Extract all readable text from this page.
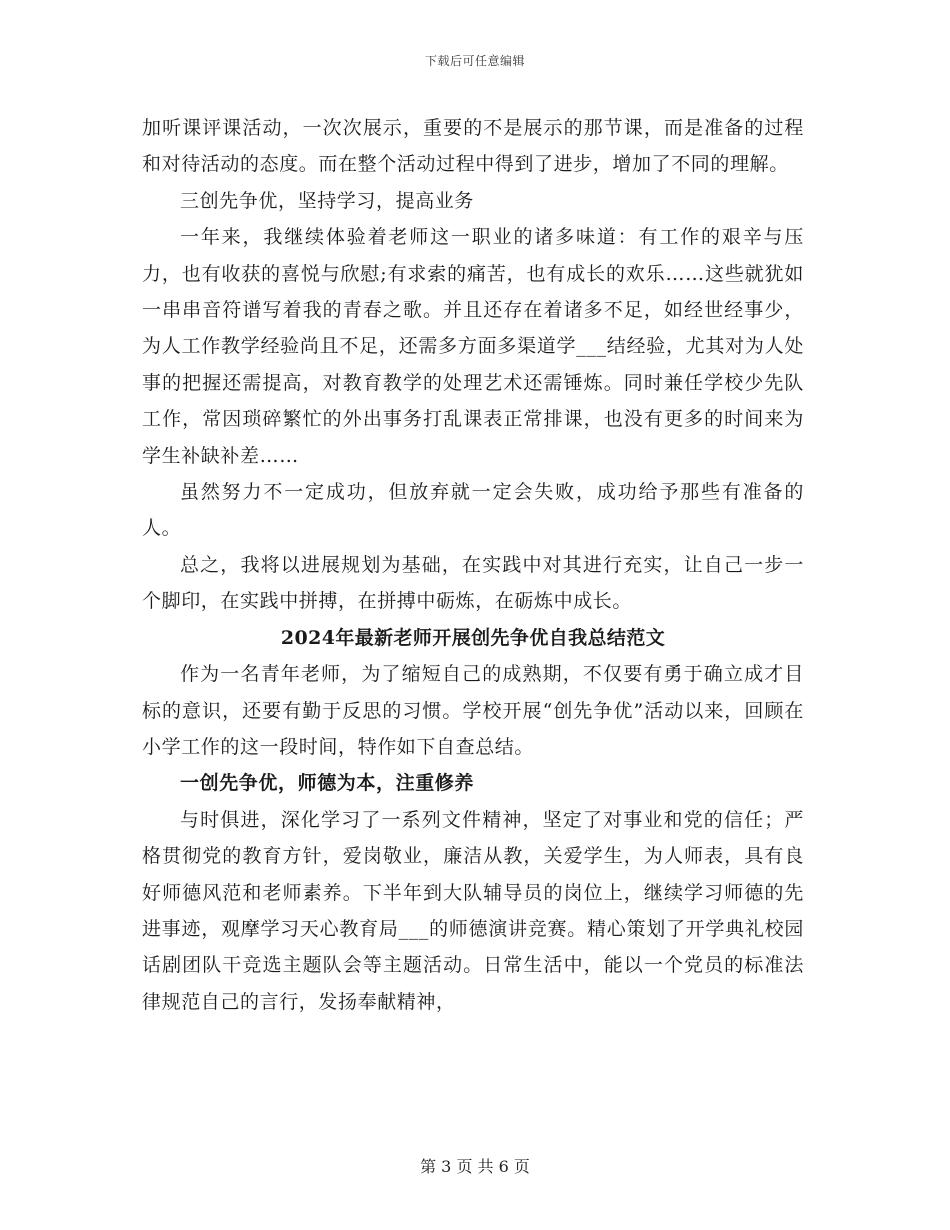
下载后可任意编辑

加听课评课活动，一次次展示，重要的不是展示的那节课，而是准备的过程和对待活动的态度。而在整个活动过程中得到了进步，增加了不同的理解。

三创先争优，坚持学习，提高业务

一年来，我继续体验着老师这一职业的诸多味道：有工作的艰辛与压力，也有收获的喜悦与欣慰;有求索的痛苦，也有成长的欢乐……这些就犹如一串串音符谱写着我的青春之歌。并且还存在着诸多不足，如经世经事少，为人工作教学经验尚且不足，还需多方面多渠道学___结经验，尤其对为人处事的把握还需提高，对教育教学的处理艺术还需锤炼。同时兼任学校少先队工作，常因琐碎繁忙的外出事务打乱课表正常排课，也没有更多的时间来为学生补缺补差……

虽然努力不一定成功，但放弃就一定会失败，成功给予那些有准备的人。

总之，我将以进展规划为基础，在实践中对其进行充实，让自己一步一个脚印，在实践中拼搏，在拼搏中砺炼，在砺炼中成长。

2024年最新老师开展创先争优自我总结范文

作为一名青年老师，为了缩短自己的成熟期，不仅要有勇于确立成才目标的意识，还要有勤于反思的习惯。学校开展“创先争优”活动以来，回顾在小学工作的这一段时间，特作如下自查总结。

一创先争优，师德为本，注重修养

与时俱进，深化学习了一系列文件精神，坚定了对事业和党的信任；严格贯彻党的教育方针，爱岗敬业，廉洁从教，关爱学生，为人师表，具有良好师德风范和老师素养。下半年到大队辅导员的岗位上，继续学习师德的先进事迹，观摩学习天心教育局___的师德演讲竞赛。精心策划了开学典礼校园话剧团队干竞选主题队会等主题活动。日常生活中，能以一个党员的标准法律规范自己的言行，发扬奉献精神，

第 3 页 共 6 页
